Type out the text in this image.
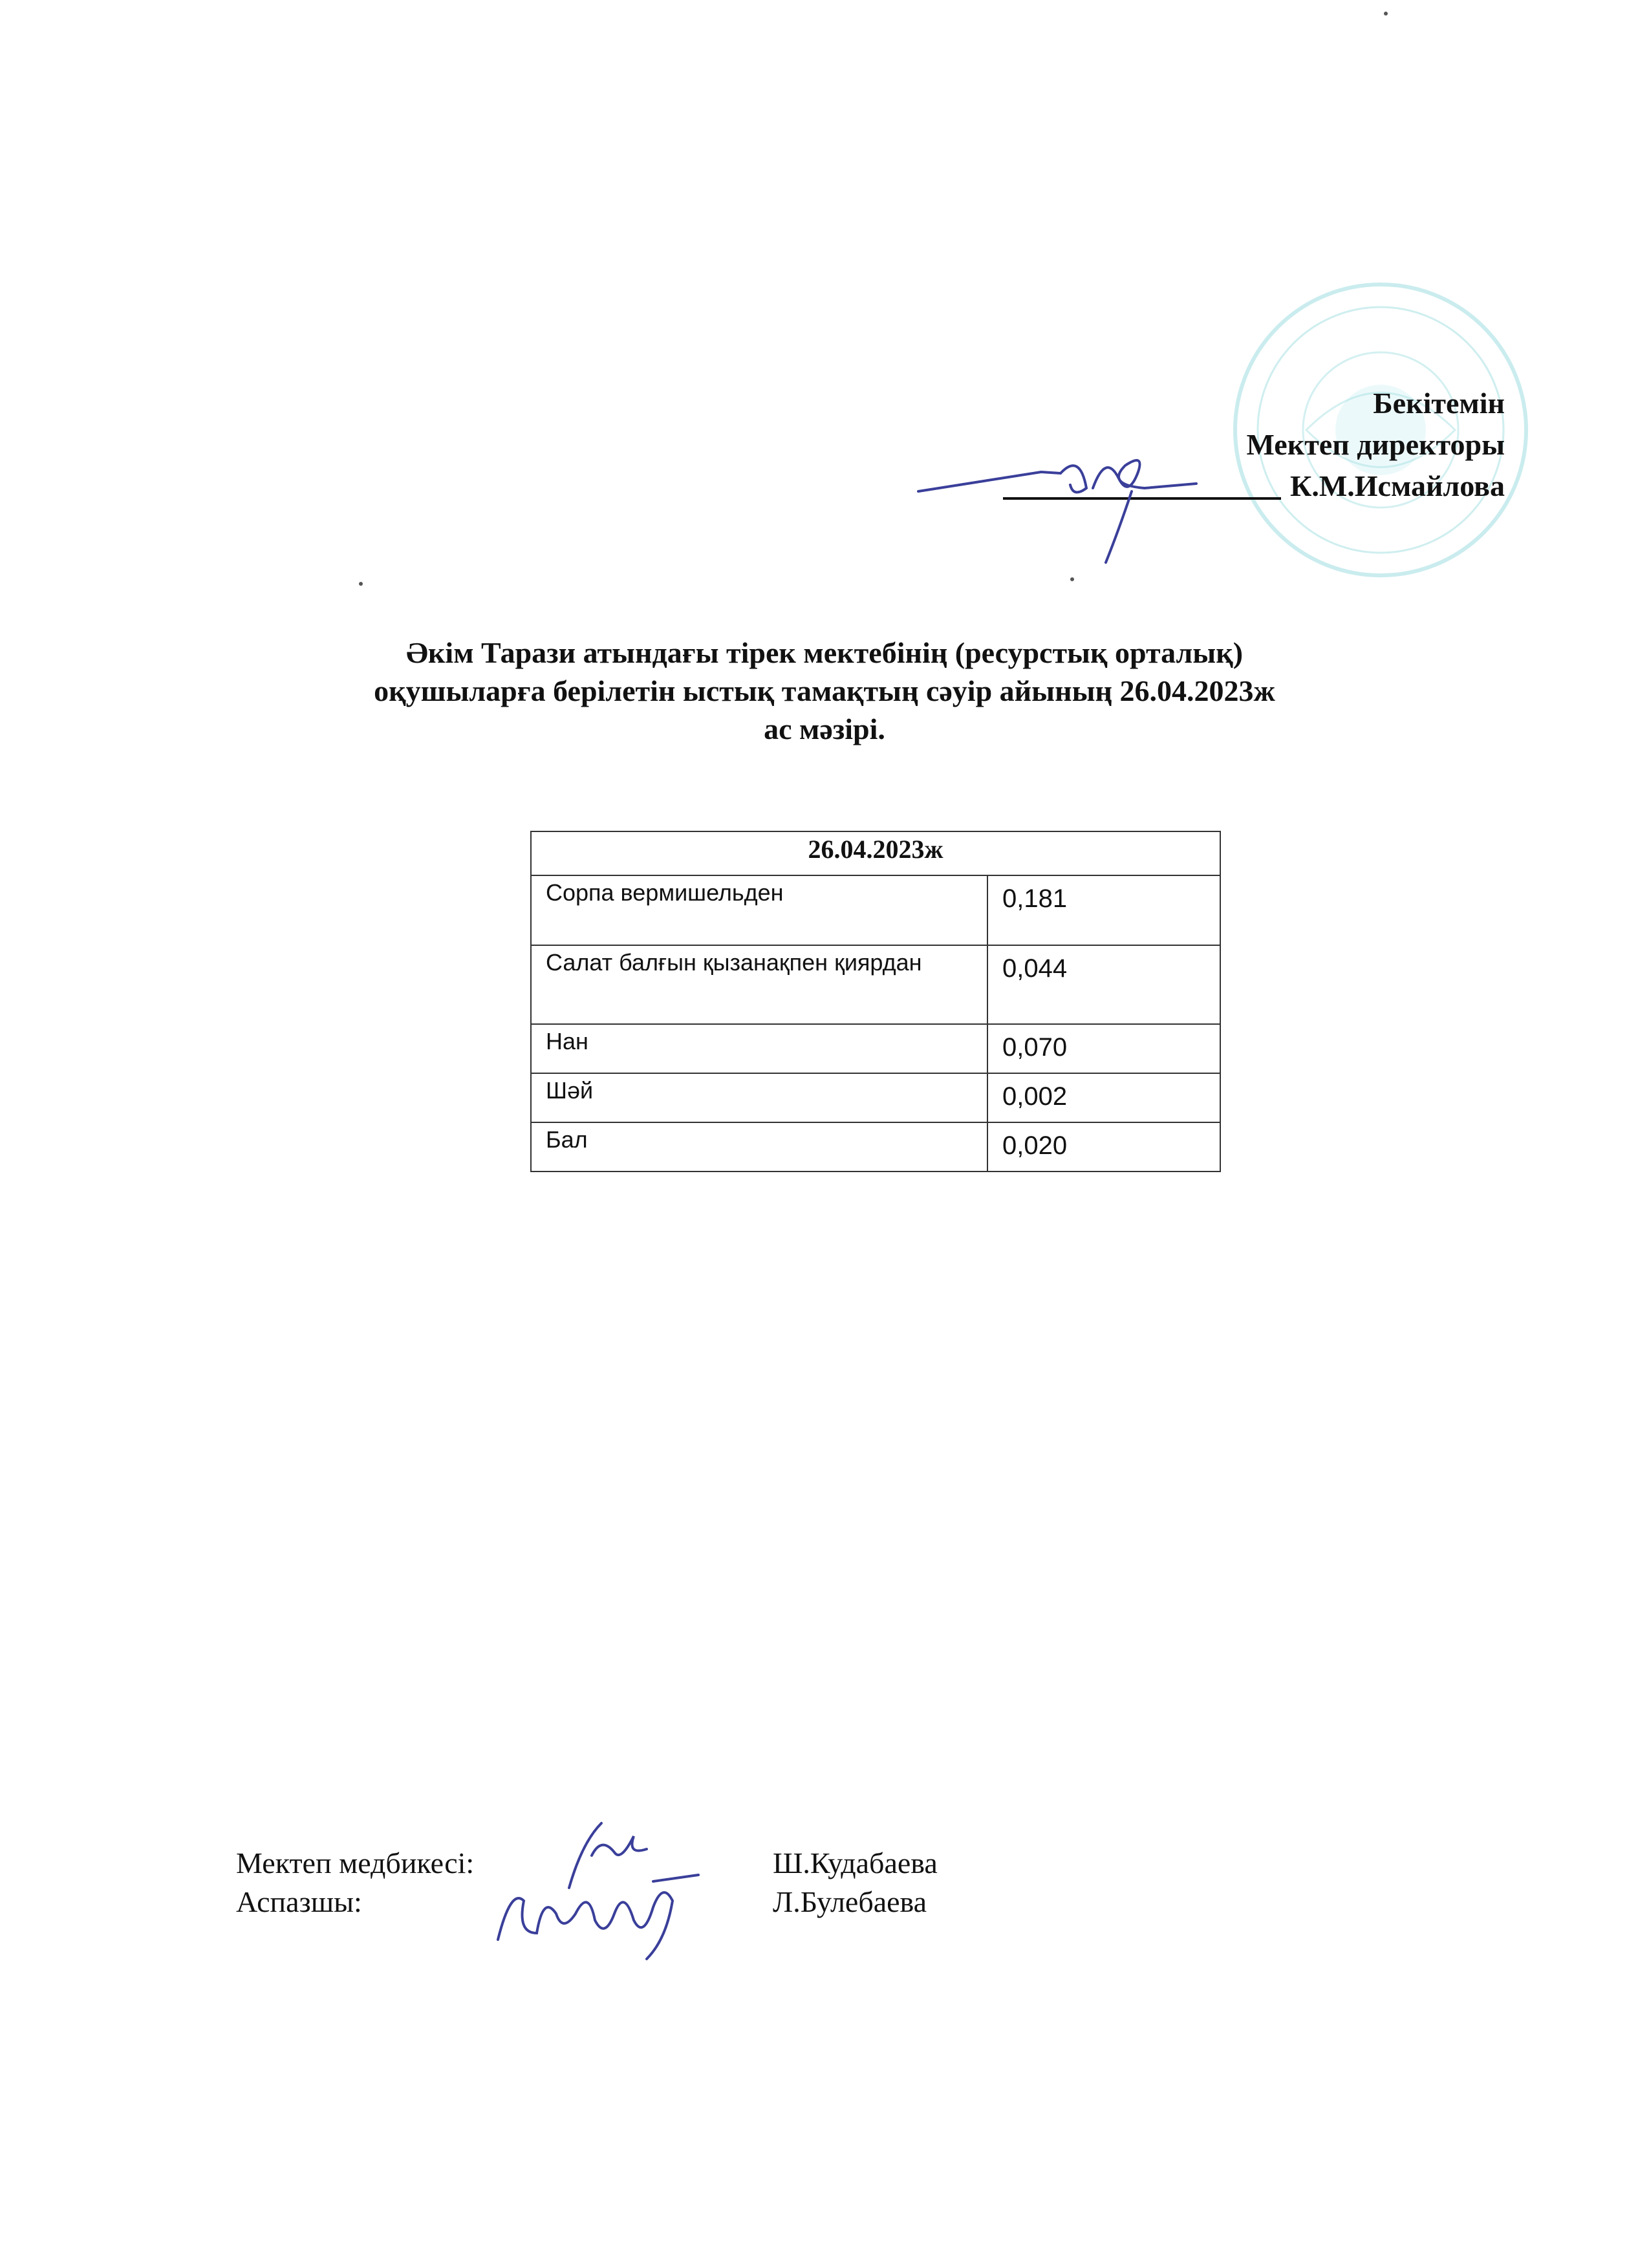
Бекітемін
Мектеп директоры
К.М.Исмайлова
Әкім Тарази атындағы тірек мектебінің (ресурстық орталық)
оқушыларға берілетін ыстық тамақтың сәуір айының 26.04.2023ж
ас мәзірі.
26.04.2023ж	
Сорпа вермишельден	0,181
Салат балғын қызанақпен қиярдан	0,044
Нан	0,070
Шәй	0,002
Бал	0,020
Мектеп медбикесі:	Ш.Кудабаева
Аспазшы:	Л.Булебаева
